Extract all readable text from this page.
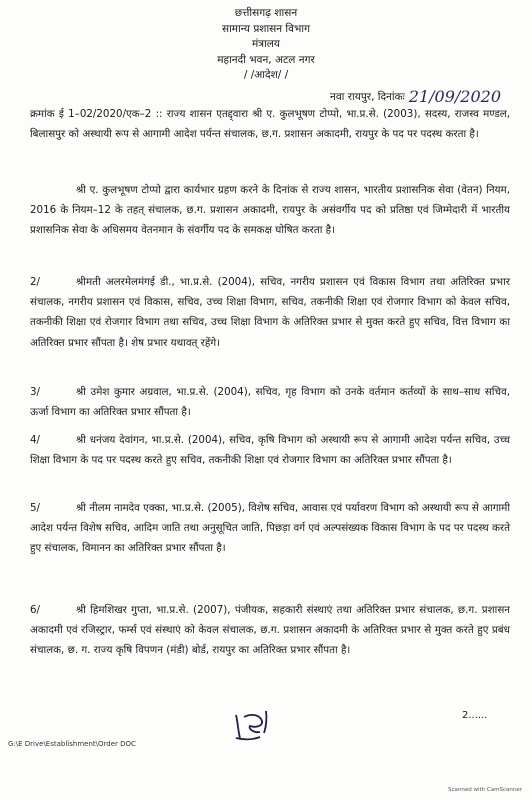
छत्तीसगढ़ शासन
सामान्य प्रशासन विभाग
मंत्रालय
महानदी भवन, अटल नगर
/ /आदेश/ /
नवा रायपुर, दिनांकः 21/09/2020
क्रमांक ई 1–02/2020/एक–2 :: राज्य शासन एतद्द्वारा श्री ए. कुलभूषण टोप्पो, भा.प्र.से. (2003), सदस्य, राजस्व मण्डल, बिलासपुर को अस्थायी रूप से आगामी आदेश पर्यन्त संचालक, छ.ग. प्रशासन अकादमी, रायपुर के पद पर पदस्थ करता है।
श्री ए. कुलभूषण टोप्पो द्वारा कार्यभार ग्रहण करने के दिनांक से राज्य शासन, भारतीय प्रशासनिक सेवा (वेतन) नियम, 2016 के नियम–12 के तहत् संचालक, छ.ग. प्रशासन अकादमी, रायपुर के असंवर्गीय पद को प्रतिष्ठा एवं जिम्मेदारी में भारतीय प्रशासनिक सेवा के अधिसमय वेतनमान के संवर्गीय पद के समकक्ष घोषित करता है।
2/	श्रीमती अलरमेलमंगई डी., भा.प्र.से. (2004), सचिव, नगरीय प्रशासन एवं विकास विभाग तथा अतिरिक्त प्रभार संचालक, नगरीय प्रशासन एवं विकास, सचिव, उच्च शिक्षा विभाग, सचिव, तकनीकी शिक्षा एवं रोजगार विभाग को केवल सचिव, तकनीकी शिक्षा एवं रोजगार विभाग तथा सचिव, उच्च शिक्षा विभाग के अतिरिक्त प्रभार से मुक्त करते हुए सचिव, वित्त विभाग का अतिरिक्त प्रभार सौंपता है। शेष प्रभार यथावत् रहेंगे।
3/	श्री उमेश कुमार अग्रवाल, भा.प्र.से. (2004), सचिव, गृह विभाग को उनके वर्तमान कर्तव्यों के साथ–साथ सचिव, ऊर्जा विभाग का अतिरिक्त प्रभार सौंपता है।
4/	श्री धनंजय देवांगन, भा.प्र.से. (2004), सचिव, कृषि विभाग को अस्थायी रूप से आगामी आदेश पर्यन्त सचिव, उच्च शिक्षा विभाग के पद पर पदस्थ करते हुए सचिव, तकनीकी शिक्षा एवं रोजगार विभाग का अतिरिक्त प्रभार सौंपता है।
5/	श्री नीलम नामदेव एक्का, भा.प्र.से. (2005), विशेष सचिव, आवास एवं पर्यावरण विभाग को अस्थायी रूप से आगामी आदेश पर्यन्त विशेष सचिव, आदिम जाति तथा अनुसूचित जाति, पिछड़ा वर्ग एवं अल्पसंख्यक विकास विभाग के पद पर पदस्थ करते हुए संचालक, विमानन का अतिरिक्त प्रभार सौंपता है।
6/	श्री हिमशिखर गुप्ता, भा.प्र.से. (2007), पंजीयक, सहकारी संस्थाएं तथा अतिरिक्त प्रभार संचालक, छ.ग. प्रशासन अकादमी एवं रजिस्ट्रार, फर्म्स एवं संस्थाएं को केवल संचालक, छ.ग. प्रशासन अकादमी के अतिरिक्त प्रभार से मुक्त करते हुए प्रबंध संचालक, छ. ग. राज्य कृषि विपणन (मंडी) बोर्ड, रायपुर का अतिरिक्त प्रभार सौंपता है।
2......
G:\E Drive\Establishment\Order DOC
Scanned with CamScanner
